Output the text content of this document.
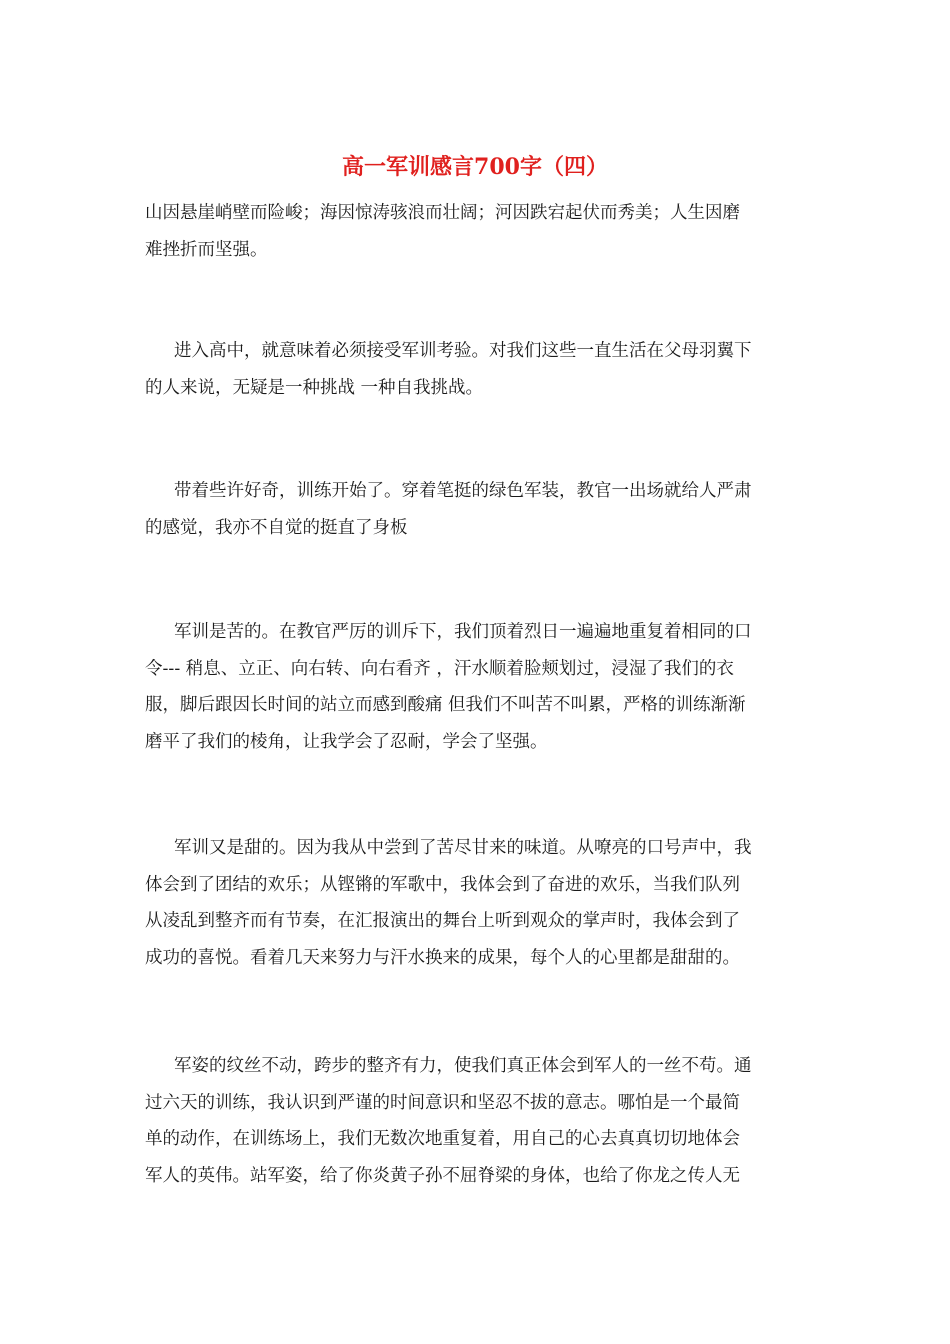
高一军训感言700字（四）

山因悬崖峭壁而险峻；海因惊涛骇浪而壮阔；河因跌宕起伏而秀美；人生因磨
难挫折而坚强。

进入高中，就意味着必须接受军训考验。对我们这些一直生活在父母羽翼下
的人来说，无疑是一种挑战 一种自我挑战。

带着些许好奇，训练开始了。穿着笔挺的绿色军装，教官一出场就给人严肃
的感觉，我亦不自觉的挺直了身板

军训是苦的。在教官严厉的训斥下，我们顶着烈日一遍遍地重复着相同的口
令--- 稍息、立正、向右转、向右看齐 ，汗水顺着脸颊划过，浸湿了我们的衣
服，脚后跟因长时间的站立而感到酸痛 但我们不叫苦不叫累，严格的训练渐渐
磨平了我们的棱角，让我学会了忍耐，学会了坚强。

军训又是甜的。因为我从中尝到了苦尽甘来的味道。从嘹亮的口号声中，我
体会到了团结的欢乐；从铿锵的军歌中，我体会到了奋进的欢乐，当我们队列
从凌乱到整齐而有节奏，在汇报演出的舞台上听到观众的掌声时，我体会到了
成功的喜悦。看着几天来努力与汗水换来的成果，每个人的心里都是甜甜的。

军姿的纹丝不动，跨步的整齐有力，使我们真正体会到军人的一丝不苟。通
过六天的训练，我认识到严谨的时间意识和坚忍不拔的意志。哪怕是一个最简
单的动作，在训练场上，我们无数次地重复着，用自己的心去真真切切地体会
军人的英伟。站军姿，给了你炎黄子孙不屈脊梁的身体，也给了你龙之传人无
